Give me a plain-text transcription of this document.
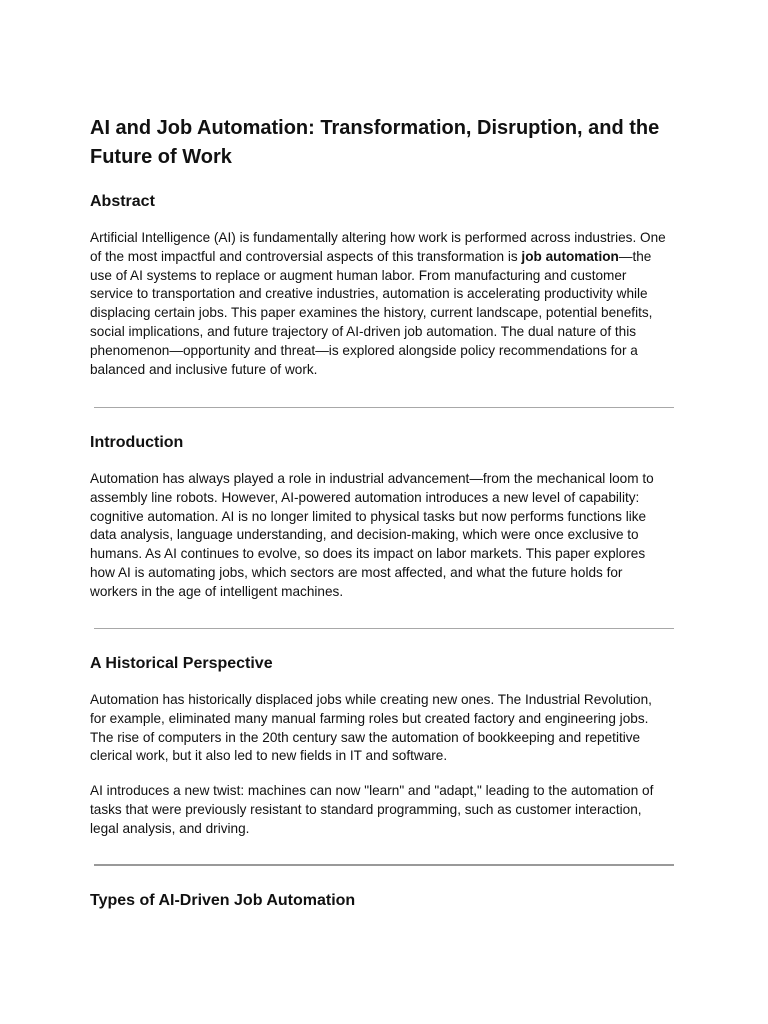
AI and Job Automation: Transformation, Disruption, and the Future of Work
Abstract

Artificial Intelligence (AI) is fundamentally altering how work is performed across industries. One of the most impactful and controversial aspects of this transformation is job automation—the use of AI systems to replace or augment human labor. From manufacturing and customer service to transportation and creative industries, automation is accelerating productivity while displacing certain jobs. This paper examines the history, current landscape, potential benefits, social implications, and future trajectory of AI-driven job automation. The dual nature of this phenomenon—opportunity and threat—is explored alongside policy recommendations for a balanced and inclusive future of work.

Introduction

Automation has always played a role in industrial advancement—from the mechanical loom to assembly line robots. However, AI-powered automation introduces a new level of capability: cognitive automation. AI is no longer limited to physical tasks but now performs functions like data analysis, language understanding, and decision-making, which were once exclusive to humans. As AI continues to evolve, so does its impact on labor markets. This paper explores how AI is automating jobs, which sectors are most affected, and what the future holds for workers in the age of intelligent machines.

A Historical Perspective

Automation has historically displaced jobs while creating new ones. The Industrial Revolution, for example, eliminated many manual farming roles but created factory and engineering jobs. The rise of computers in the 20th century saw the automation of bookkeeping and repetitive clerical work, but it also led to new fields in IT and software.

AI introduces a new twist: machines can now "learn" and "adapt," leading to the automation of tasks that were previously resistant to standard programming, such as customer interaction, legal analysis, and driving.

Types of AI-Driven Job Automation
